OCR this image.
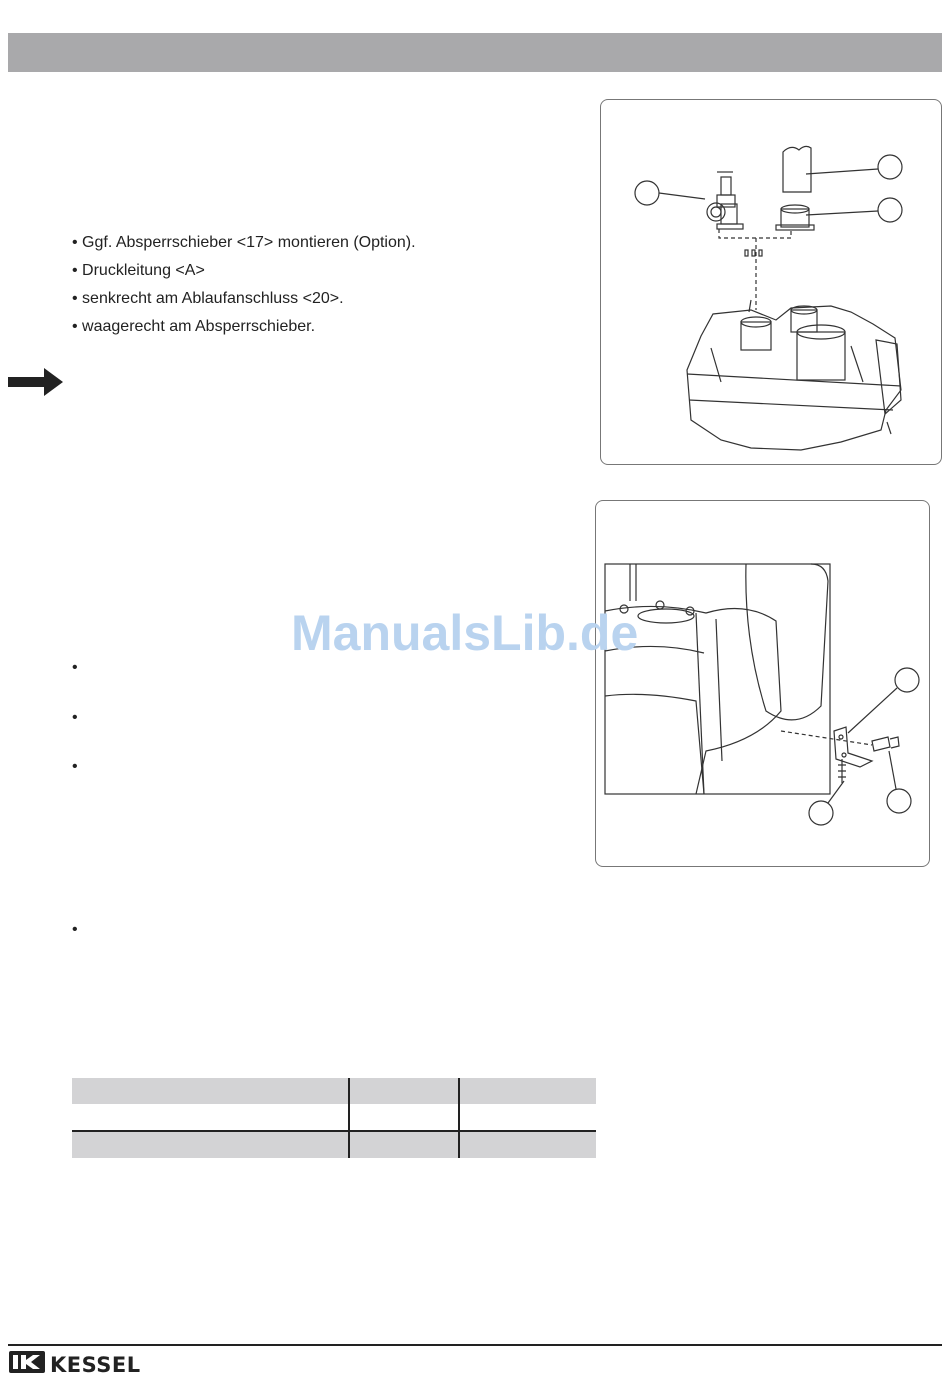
• Ggf. Absperrschieber <17> montieren (Option).
• Druckleitung <A>
• senkrecht am Ablaufanschluss <20>.
• waagerecht am Absperrschieber.
•
•
•
•
ManualsLib.de

KESSEL
